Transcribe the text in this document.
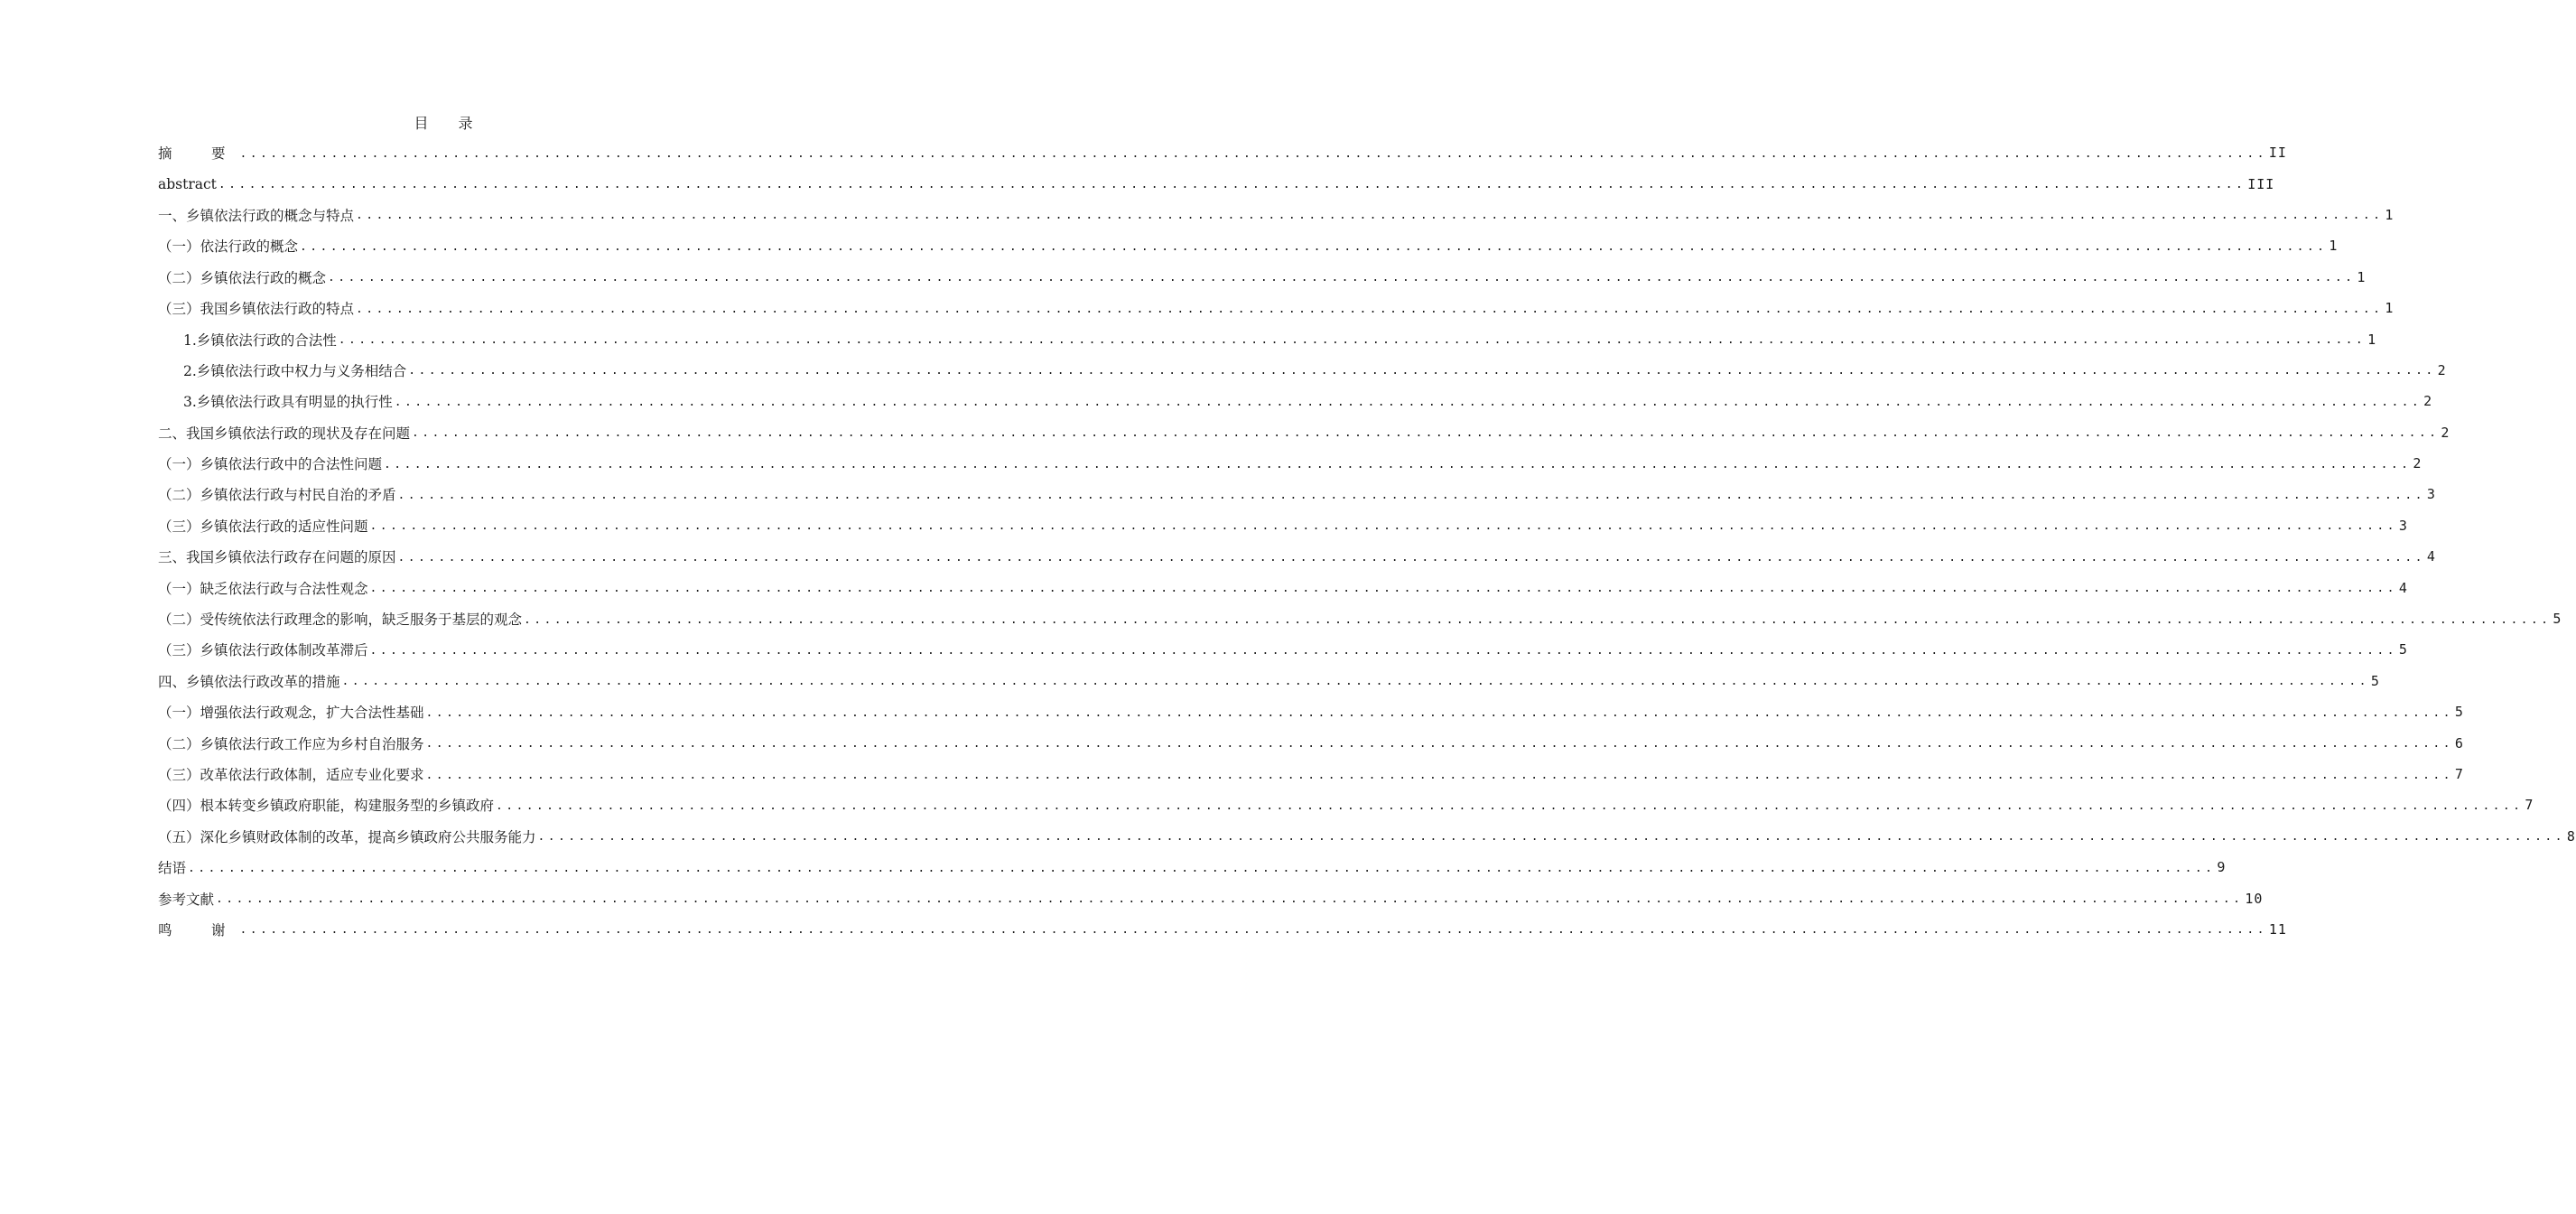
目 录
摘　要 ........................................................................................................................................................................................................ II
abstract ........................................................................................................................................................................................................ III
一、乡镇依法行政的概念与特点 ........................................................................................................................................................................................................ 1
（一）依法行政的概念 ........................................................................................................................................................................................................ 1
（二）乡镇依法行政的概念 ........................................................................................................................................................................................................ 1
（三）我国乡镇依法行政的特点 ........................................................................................................................................................................................................ 1
1.乡镇依法行政的合法性 ........................................................................................................................................................................................................ 1
2.乡镇依法行政中权力与义务相结合 ........................................................................................................................................................................................................ 2
3.乡镇依法行政具有明显的执行性 ........................................................................................................................................................................................................ 2
二、我国乡镇依法行政的现状及存在问题 ........................................................................................................................................................................................................ 2
（一）乡镇依法行政中的合法性问题 ........................................................................................................................................................................................................ 2
（二）乡镇依法行政与村民自治的矛盾 ........................................................................................................................................................................................................ 3
（三）乡镇依法行政的适应性问题 ........................................................................................................................................................................................................ 3
三、我国乡镇依法行政存在问题的原因 ........................................................................................................................................................................................................ 4
（一）缺乏依法行政与合法性观念 ........................................................................................................................................................................................................ 4
（二）受传统依法行政理念的影响，缺乏服务于基层的观念 ........................................................................................................................................................................................................ 5
（三）乡镇依法行政体制改革滞后 ........................................................................................................................................................................................................ 5
四、乡镇依法行政改革的措施 ........................................................................................................................................................................................................ 5
（一）增强依法行政观念，扩大合法性基础 ........................................................................................................................................................................................................ 5
（二）乡镇依法行政工作应为乡村自治服务 ........................................................................................................................................................................................................ 6
（三）改革依法行政体制，适应专业化要求 ........................................................................................................................................................................................................ 7
（四）根本转变乡镇政府职能，构建服务型的乡镇政府 ........................................................................................................................................................................................................ 7
（五）深化乡镇财政体制的改革，提高乡镇政府公共服务能力 ........................................................................................................................................................................................................ 8
结语 ........................................................................................................................................................................................................ 9
参考文献 ........................................................................................................................................................................................................ 10
鸣　谢 ........................................................................................................................................................................................................ 11
